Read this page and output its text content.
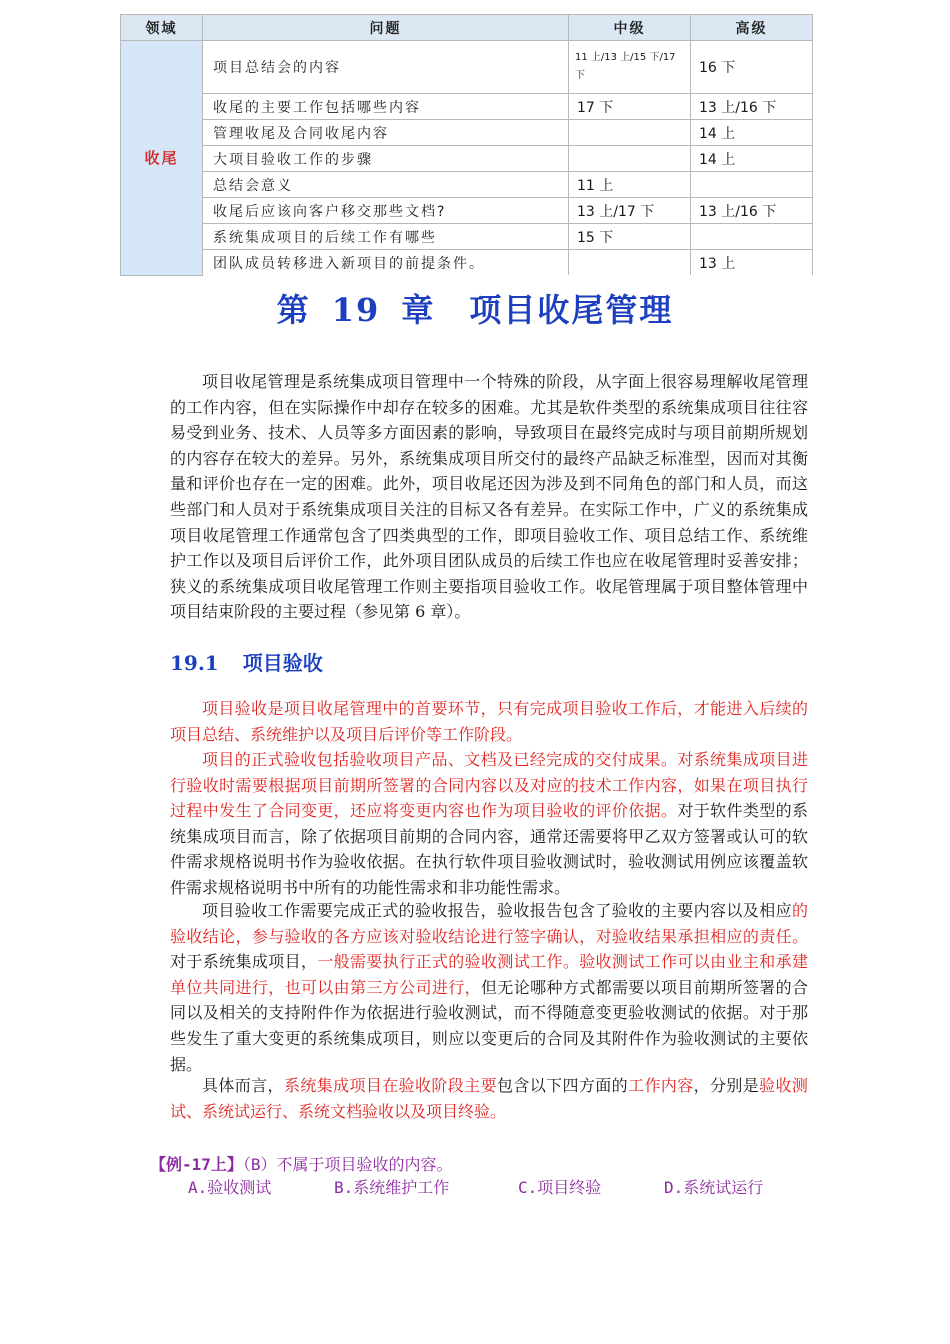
领域	问题	中级	高级
收尾	项目总结会的内容	11 上/13 上/15 下/17 下	16 下
	收尾的主要工作包括哪些内容	17 下	13 上/16 下
	管理收尾及合同收尾内容		14 上
	大项目验收工作的步骤		14 上
	总结会意义	11 上	
	收尾后应该向客户移交那些文档?	13 上/17 下	13 上/16 下
	系统集成项目的后续工作有哪些	15 下	
	团队成员转移进入新项目的前提条件。		13 上
第 19 章　项目收尾管理

项目收尾管理是系统集成项目管理中一个特殊的阶段，从字面上很容易理解收尾管理的工作内容，但在实际操作中却存在较多的困难。尤其是软件类型的系统集成项目往往容易受到业务、技术、人员等多方面因素的影响，导致项目在最终完成时与项目前期所规划的内容存在较大的差异。另外，系统集成项目所交付的最终产品缺乏标准型，因而对其衡量和评价也存在一定的困难。此外，项目收尾还因为涉及到不同角色的部门和人员，而这些部门和人员对于系统集成项目关注的目标又各有差异。在实际工作中，广义的系统集成项目收尾管理工作通常包含了四类典型的工作，即项目验收工作、项目总结工作、系统维护工作以及项目后评价工作，此外项目团队成员的后续工作也应在收尾管理时妥善安排；狭义的系统集成项目收尾管理工作则主要指项目验收工作。收尾管理属于项目整体管理中项目结束阶段的主要过程（参见第 6 章）。

19.1 项目验收

项目验收是项目收尾管理中的首要环节，只有完成项目验收工作后，才能进入后续的项目总结、系统维护以及项目后评价等工作阶段。

项目的正式验收包括验收项目产品、文档及已经完成的交付成果。对系统集成项目进行验收时需要根据项目前期所签署的合同内容以及对应的技术工作内容，如果在项目执行过程中发生了合同变更，还应将变更内容也作为项目验收的评价依据。对于软件类型的系统集成项目而言，除了依据项目前期的合同内容，通常还需要将甲乙双方签署或认可的软件需求规格说明书作为验收依据。在执行软件项目验收测试时，验收测试用例应该覆盖软件需求规格说明书中所有的功能性需求和非功能性需求。

项目验收工作需要完成正式的验收报告，验收报告包含了验收的主要内容以及相应的验收结论，参与验收的各方应该对验收结论进行签字确认，对验收结果承担相应的责任。对于系统集成项目，一般需要执行正式的验收测试工作。验收测试工作可以由业主和承建单位共同进行，也可以由第三方公司进行，但无论哪种方式都需要以项目前期所签署的合同以及相关的支持附件作为依据进行验收测试，而不得随意变更验收测试的依据。对于那些发生了重大变更的系统集成项目，则应以变更后的合同及其附件作为验收测试的主要依据。

具体而言，系统集成项目在验收阶段主要包含以下四方面的工作内容，分别是验收测试、系统试运行、系统文档验收以及项目终验。

【例-17上】（B）不属于项目验收的内容。

A.验收测试	B.系统维护工作	C.项目终验	D.系统试运行
